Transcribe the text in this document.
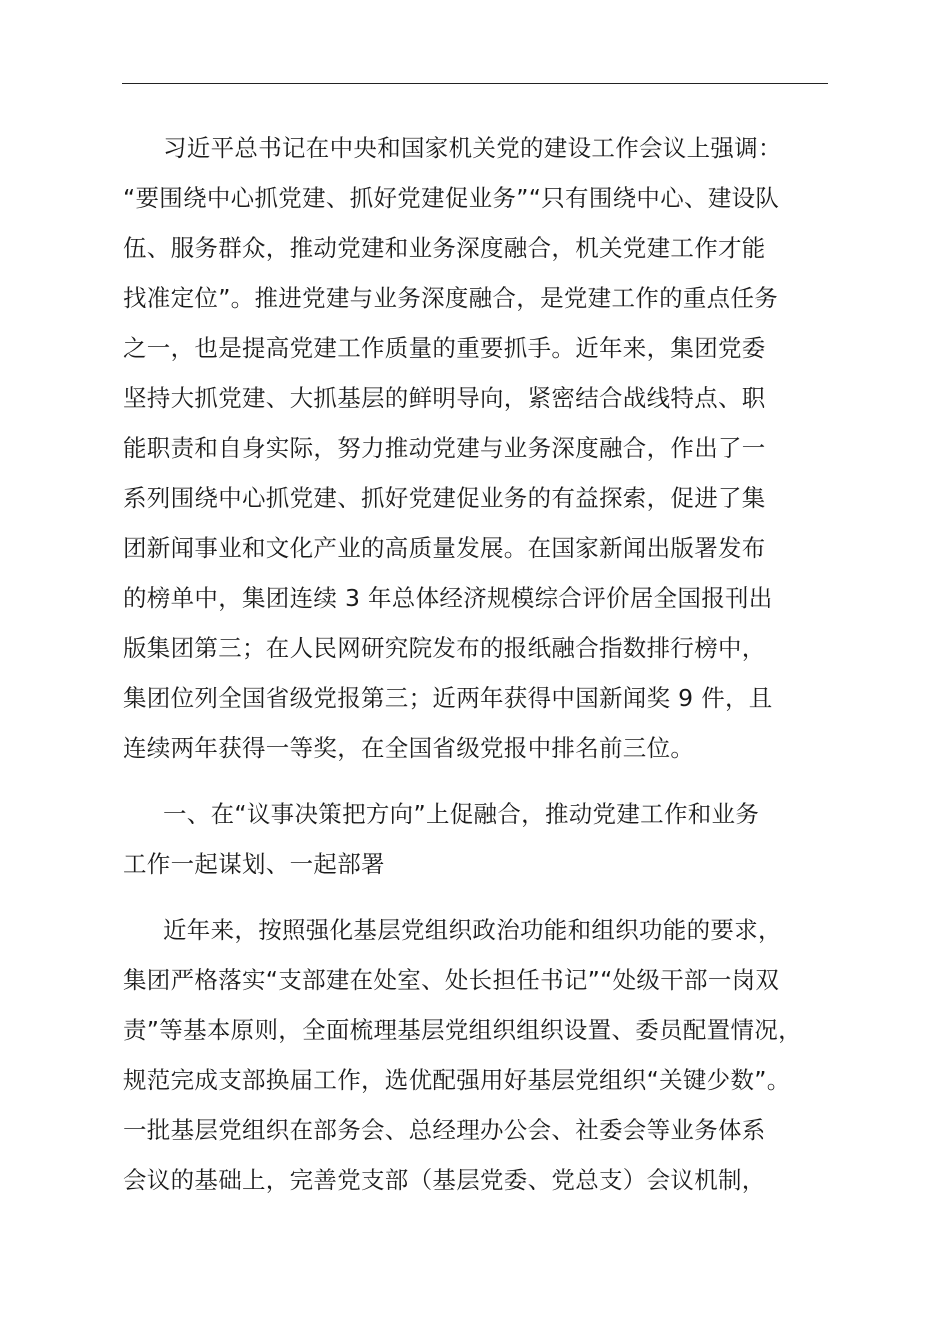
习近平总书记在中央和国家机关党的建设工作会议上强调：
“要围绕中心抓党建、抓好党建促业务”“只有围绕中心、建设队
伍、服务群众，推动党建和业务深度融合，机关党建工作才能
找准定位”。推进党建与业务深度融合，是党建工作的重点任务
之一，也是提高党建工作质量的重要抓手。近年来，集团党委
坚持大抓党建、大抓基层的鲜明导向，紧密结合战线特点、职
能职责和自身实际，努力推动党建与业务深度融合，作出了一
系列围绕中心抓党建、抓好党建促业务的有益探索，促进了集
团新闻事业和文化产业的高质量发展。在国家新闻出版署发布
的榜单中，集团连续 3 年总体经济规模综合评价居全国报刊出
版集团第三；在人民网研究院发布的报纸融合指数排行榜中，
集团位列全国省级党报第三；近两年获得中国新闻奖 9 件，且
连续两年获得一等奖，在全国省级党报中排名前三位。
一、在“议事决策把方向”上促融合，推动党建工作和业务
工作一起谋划、一起部署
近年来，按照强化基层党组织政治功能和组织功能的要求，
集团严格落实“支部建在处室、处长担任书记”“处级干部一岗双
责”等基本原则，全面梳理基层党组织组织设置、委员配置情况，
规范完成支部换届工作，选优配强用好基层党组织“关键少数”。
一批基层党组织在部务会、总经理办公会、社委会等业务体系
会议的基础上，完善党支部（基层党委、党总支）会议机制，
